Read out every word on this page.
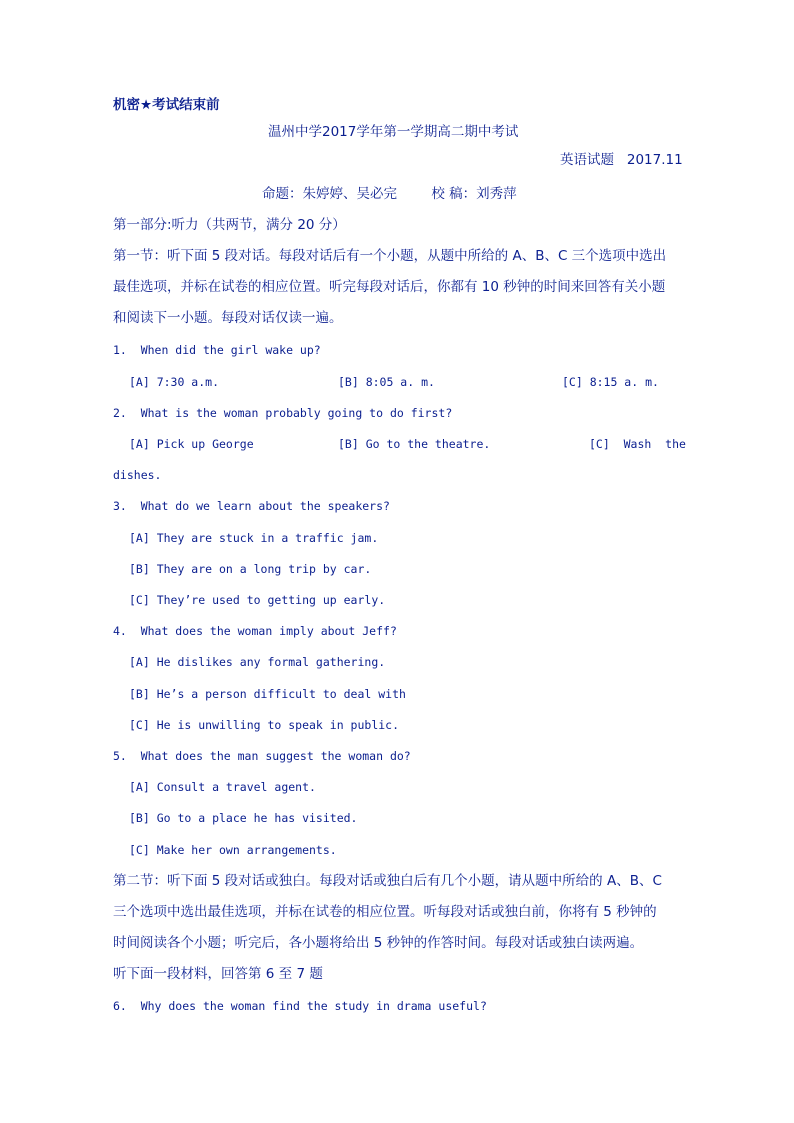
机密★考试结束前
温州中学2017学年第一学期高二期中考试
英语试题   2017.11
命题：朱婷婷、吴必完        校 稿：刘秀萍
第一部分:听力（共两节，满分 20 分）
第一节：听下面 5 段对话。每段对话后有一个小题，从题中所给的 A、B、C 三个选项中选出
最佳选项，并标在试卷的相应位置。听完每段对话后，你都有 10 秒钟的时间来回答有关小题
和阅读下一小题。每段对话仅读一遍。
1.  When did the girl wake up?
[A] 7:30 a.m.	[B] 8:05 a. m.	[C] 8:15 a. m.
2.  What is the woman probably going to do first?
[A] Pick up George	[B] Go to the theatre.	[C]  Wash  the
dishes.
3.  What do we learn about the speakers?
[A] They are stuck in a traffic jam.
[B] They are on a long trip by car.
[C] They’re used to getting up early.
4.  What does the woman imply about Jeff?
[A] He dislikes any formal gathering.
[B] He’s a person difficult to deal with
[C] He is unwilling to speak in public.
5.  What does the man suggest the woman do?
[A] Consult a travel agent.
[B] Go to a place he has visited.
[C] Make her own arrangements.
第二节：听下面 5 段对话或独白。每段对话或独白后有几个小题，请从题中所给的 A、B、C
三个选项中选出最佳选项，并标在试卷的相应位置。听每段对话或独白前，你将有 5 秒钟的
时间阅读各个小题；听完后，各小题将给出 5 秒钟的作答时间。每段对话或独白读两遍。
听下面一段材料，回答第 6 至 7 题
6.  Why does the woman find the study in drama useful?
